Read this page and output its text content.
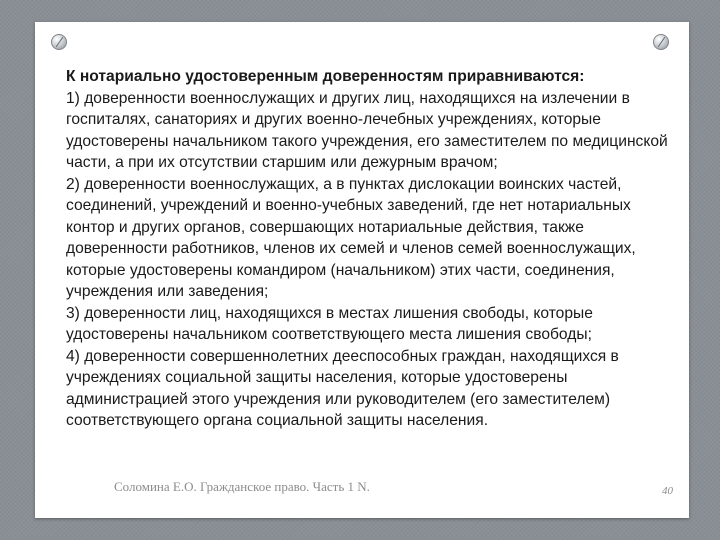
К нотариально удостоверенным доверенностям приравниваются:

1) доверенности военнослужащих и других лиц, находящихся на излечении в госпиталях, санаториях и других военно-лечебных учреждениях, которые удостоверены начальником такого учреждения, его заместителем по медицинской части, а при их отсутствии старшим или дежурным врачом;

2) доверенности военнослужащих, а в пунктах дислокации воинских частей, соединений, учреждений и военно-учебных заведений, где нет нотариальных контор и других органов, совершающих нотариальные действия, также доверенности работников, членов их семей и членов семей военнослужащих, которые удостоверены командиром (начальником) этих части, соединения, учреждения или заведения;

3) доверенности лиц, находящихся в местах лишения свободы, которые удостоверены начальником соответствующего места лишения свободы;

4) доверенности совершеннолетних дееспособных граждан, находящихся в учреждениях социальной защиты населения, которые удостоверены администрацией этого учреждения или руководителем (его заместителем) соответствующего органа социальной защиты населения.

Соломина Е.О. Гражданское право. Часть 1 N.	40
